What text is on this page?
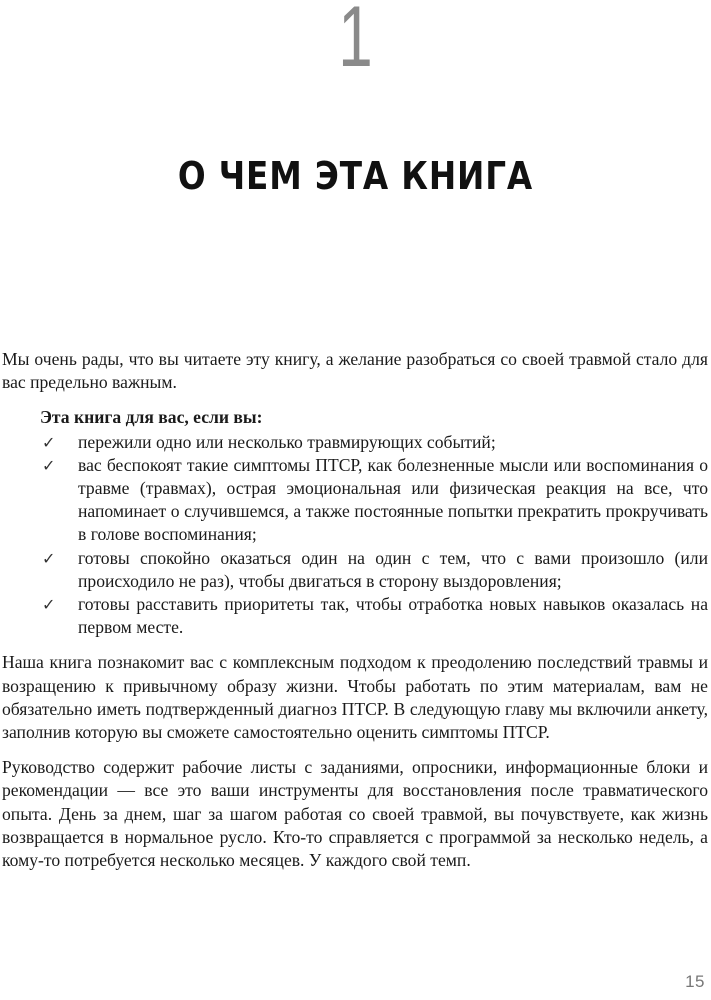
1
О ЧЕМ ЭТА КНИГА

Мы очень рады, что вы читаете эту книгу, а желание разобраться со своей травмой стало для вас предельно важным.

Эта книга для вас, если вы:

✓	пережили одно или несколько травмирующих событий;
✓	вас беспокоят такие симптомы ПТСР, как болезненные мысли или воспоминания о травме (травмах), острая эмоциональная или физическая реакция на все, что напоминает о случившемся, а также постоянные попытки прекратить прокручивать в голове воспоминания;
✓	готовы спокойно оказаться один на один с тем, что с вами произошло (или происходило не раз), чтобы двигаться в сторону выздоровления;
✓	готовы расставить приоритеты так, чтобы отработка новых навыков оказалась на первом месте.

Наша книга познакомит вас с комплексным подходом к преодолению последствий травмы и возращению к привычному образу жизни. Чтобы работать по этим материалам, вам не обязательно иметь подтвержденный диагноз ПТСР. В следующую главу мы включили анкету, заполнив которую вы сможете самостоятельно оценить симптомы ПТСР.

Руководство содержит рабочие листы с заданиями, опросники, информационные блоки и рекомендации — все это ваши инструменты для восстановления после травматического опыта. День за днем, шаг за шагом работая со своей травмой, вы почувствуете, как жизнь возвращается в нормальное русло. Кто-то справляется с программой за несколько недель, а кому-то потребуется несколько месяцев. У каждого свой темп.

15
